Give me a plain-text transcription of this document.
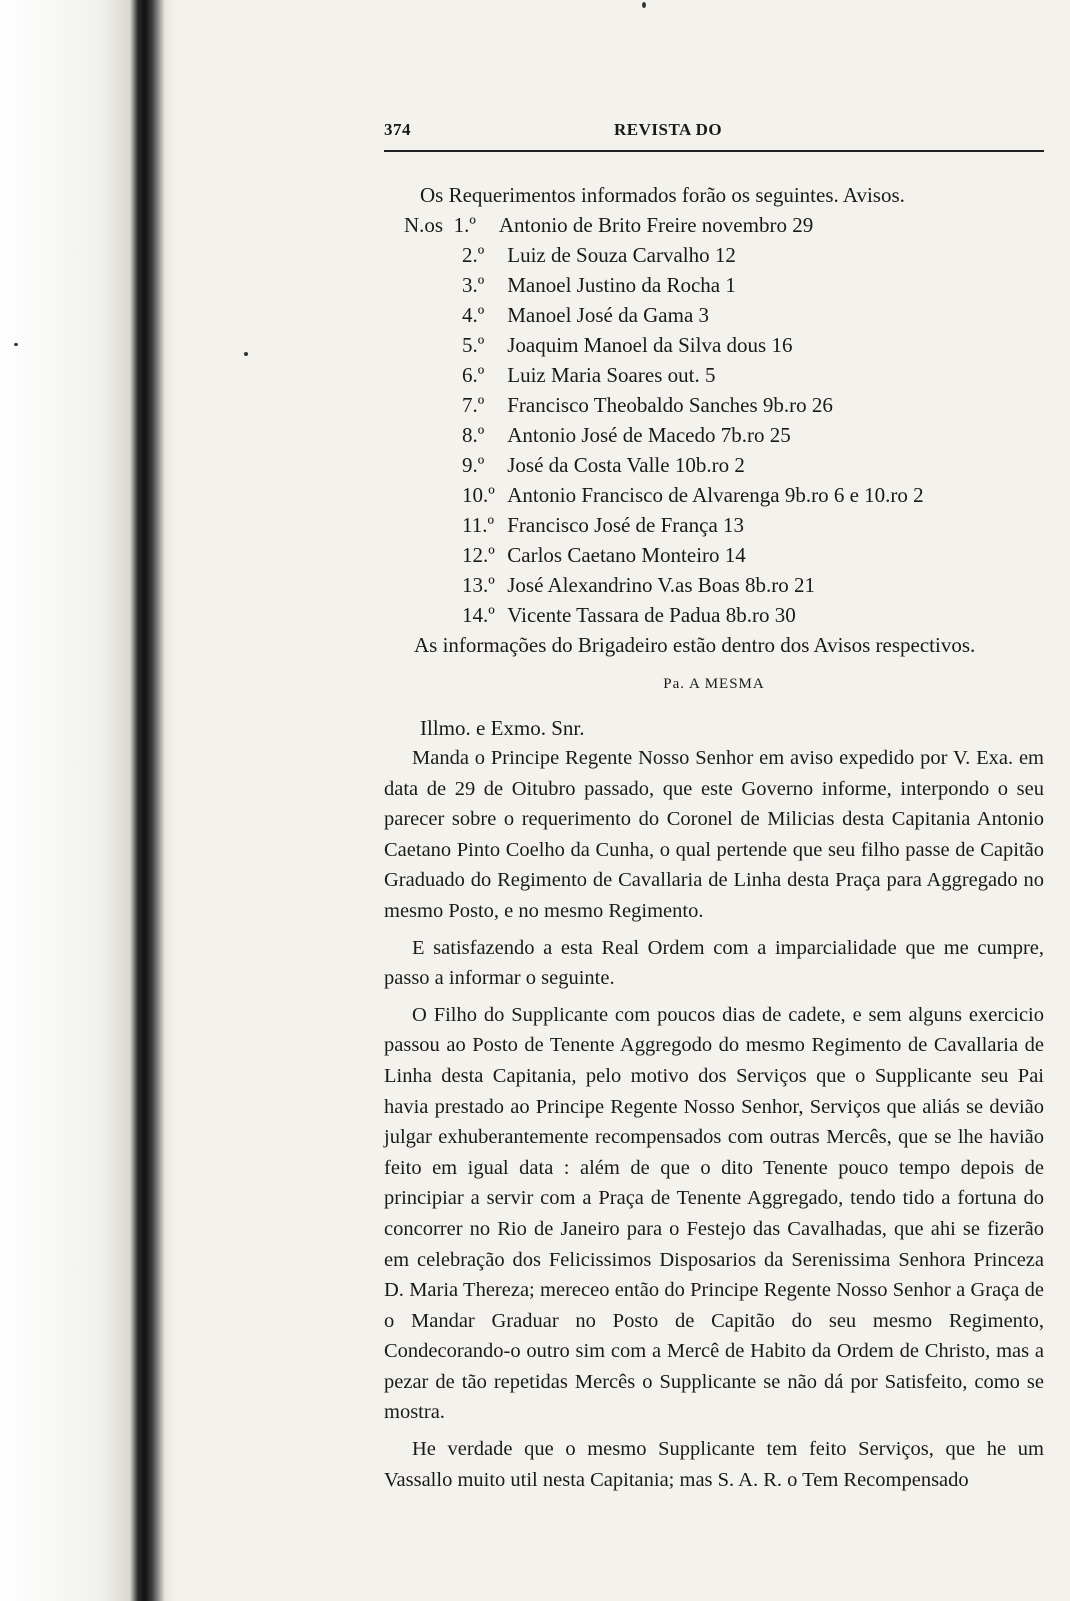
374	REVISTA DO
Os Requerimentos informados forão os seguintes. Avisos.
N.os 1.º Antonio de Brito Freire novembro 29
2.º Luiz de Souza Carvalho 12
3.º Manoel Justino da Rocha 1
4.º Manoel José da Gama 3
5.º Joaquim Manoel da Silva dous 16
6.º Luiz Maria Soares out. 5
7.º Francisco Theobaldo Sanches 9b.ro 26
8.º Antonio José de Macedo 7b.ro 25
9.º José da Costa Valle 10b.ro 2
10.º Antonio Francisco de Alvarenga 9b.ro 6 e 10.ro 2
11.º Francisco José de França 13
12.º Carlos Caetano Monteiro 14
13.º José Alexandrino V.as Boas 8b.ro 21
14.º Vicente Tassara de Padua 8b.ro 30
As informações do Brigadeiro estão dentro dos Avisos respectivos.
Pa. A MESMA
Illmo. e Exmo. Snr.

Manda o Principe Regente Nosso Senhor em aviso expedido por V. Exa. em data de 29 de Oitubro passado, que este Governo informe, interpondo o seu parecer sobre o requerimento do Coronel de Milicias desta Capitania Antonio Caetano Pinto Coelho da Cunha, o qual pertende que seu filho passe de Capitão Graduado do Regimento de Cavallaria de Linha desta Praça para Aggregado no mesmo Posto, e no mesmo Regimento.

E satisfazendo a esta Real Ordem com a imparcialidade que me cumpre, passo a informar o seguinte.

O Filho do Supplicante com poucos dias de cadete, e sem alguns exercicio passou ao Posto de Tenente Aggregodo do mesmo Regimento de Cavallaria de Linha desta Capitania, pelo motivo dos Serviços que o Supplicante seu Pai havia prestado ao Principe Regente Nosso Senhor, Serviços que aliás se devião julgar exhuberantemente recompensados com outras Mercês, que se lhe havião feito em igual data : além de que o dito Tenente pouco tempo depois de principiar a servir com a Praça de Tenente Aggregado, tendo tido a fortuna do concorrer no Rio de Janeiro para o Festejo das Cavalhadas, que ahi se fizerão em celebração dos Felicissimos Disposarios da Serenissima Senhora Princeza D. Maria Thereza; mereceo então do Principe Regente Nosso Senhor a Graça de o Mandar Graduar no Posto de Capitão do seu mesmo Regimento, Condecorando-o outro sim com a Mercê de Habito da Ordem de Christo, mas a pezar de tão repetidas Mercês o Supplicante se não dá por Satisfeito, como se mostra.

He verdade que o mesmo Supplicante tem feito Serviços, que he um Vassallo muito util nesta Capitania; mas S. A. R. o Tem Recompensado
